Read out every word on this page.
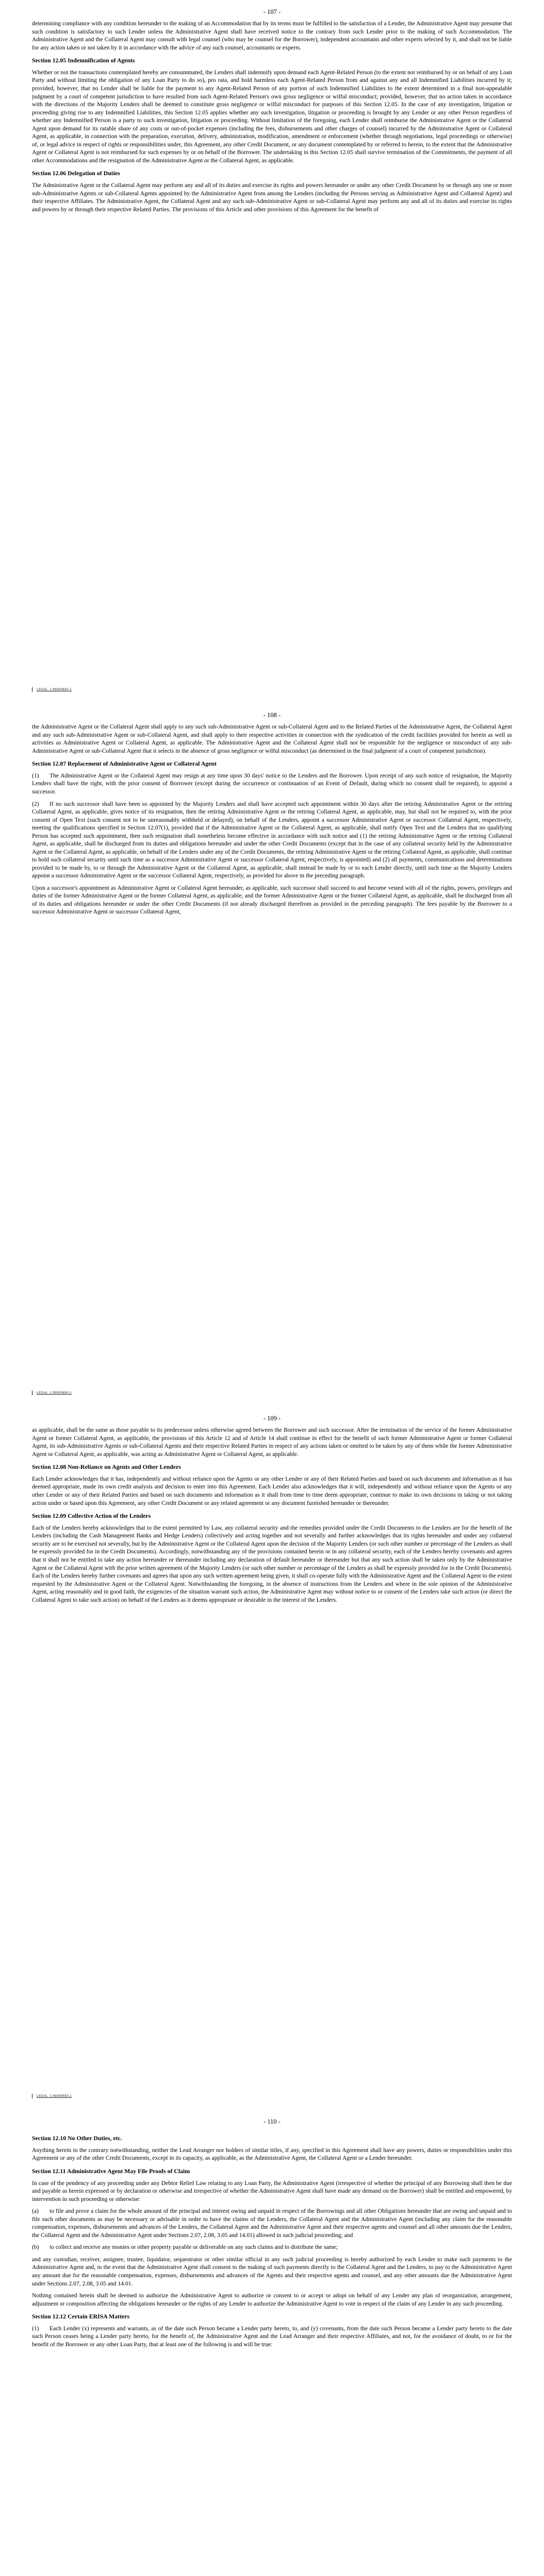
- 107 -

determining compliance with any condition hereunder to the making of an Accommodation that by its terms must be fulfilled to the satisfaction of a Lender, the Administrative Agent may presume that such condition is satisfactory to such Lender unless the Administrative Agent shall have received notice to the contrary from such Lender prior to the making of such Accommodation. The Administrative Agent and the Collateral Agent may consult with legal counsel (who may be counsel for the Borrower), independent accountants and other experts selected by it, and shall not be liable for any action taken or not taken by it in accordance with the advice of any such counsel, accountants or experts.

Section 12.05 Indemnification of Agents

Whether or not the transactions contemplated hereby are consummated, the Lenders shall indemnify upon demand each Agent-Related Person (to the extent not reimbursed by or on behalf of any Loan Party and without limiting the obligation of any Loan Party to do so), pro rata, and hold harmless each Agent-Related Person from and against any and all Indemnified Liabilities incurred by it; provided, however, that no Lender shall be liable for the payment to any Agent-Related Person of any portion of such Indemnified Liabilities to the extent determined in a final non-appealable judgment by a court of competent jurisdiction to have resulted from such Agent-Related Person's own gross negligence or wilful misconduct; provided, however, that no action taken in accordance with the directions of the Majority Lenders shall be deemed to constitute gross negligence or wilful misconduct for purposes of this Section 12.05. In the case of any investigation, litigation or proceeding giving rise to any Indemnified Liabilities, this Section 12.05 applies whether any such investigation, litigation or proceeding is brought by any Lender or any other Person regardless of whether any Indemnified Person is a party to such investigation, litigation or proceeding. Without limitation of the foregoing, each Lender shall reimburse the Administrative Agent or the Collateral Agent upon demand for its ratable share of any costs or out-of-pocket expenses (including the fees, disbursements and other charges of counsel) incurred by the Administrative Agent or Collateral Agent, as applicable, in connection with the preparation, execution, delivery, administration, modification, amendment or enforcement (whether through negotiations, legal proceedings or otherwise) of, or legal advice in respect of rights or responsibilities under, this Agreement, any other Credit Document, or any document contemplated by or referred to herein, to the extent that the Administrative Agent or Collateral Agent is not reimbursed for such expenses by or on behalf of the Borrower. The undertaking in this Section 12.05 shall survive termination of the Commitments, the payment of all other Accommodations and the resignation of the Administrative Agent or the Collateral Agent, as applicable.

Section 12.06 Delegation of Duties

The Administrative Agent or the Collateral Agent may perform any and all of its duties and exercise its rights and powers hereunder or under any other Credit Document by or through any one or more sub-Administrative Agents or sub-Collateral Agents appointed by the Administrative Agent from among the Lenders (including the Persons serving as Administrative Agent and Collateral Agent) and their respective Affiliates. The Administrative Agent, the Collateral Agent and any such sub-Administrative Agent or sub-Collateral Agent may perform any and all of its duties and exercise its rights and powers by or through their respective Related Parties. The provisions of this Article and other provisions of this Agreement for the benefit of

LEGAL_1:99300650.1
- 108 -

the Administrative Agent or the Collateral Agent shall apply to any such sub-Administrative Agent or sub-Collateral Agent and to the Related Parties of the Administrative Agent, the Collateral Agent and any such sub-Administrative Agent or sub-Collateral Agent, and shall apply to their respective activities in connection with the syndication of the credit facilities provided for herein as well as activities as Administrative Agent or Collateral Agent, as applicable. The Administrative Agent and the Collateral Agent shall not be responsible for the negligence or misconduct of any sub-Administrative Agent or sub-Collateral Agent that it selects in the absence of gross negligence or wilful misconduct (as determined in the final judgment of a court of competent jurisdiction).

Section 12.07 Replacement of Administrative Agent or Collateral Agent

(1) The Administrative Agent or the Collateral Agent may resign at any time upon 30 days' notice to the Lenders and the Borrower. Upon receipt of any such notice of resignation, the Majority Lenders shall have the right, with the prior consent of Borrower (except during the occurrence or continuation of an Event of Default, during which no consent shall be required), to appoint a successor.

(2) If no such successor shall have been so appointed by the Majority Lenders and shall have accepted such appointment within 30 days after the retiring Administrative Agent or the retiring Collateral Agent, as applicable, gives notice of its resignation, then the retiring Administrative Agent or the retiring Collateral Agent, as applicable, may, but shall not be required to, with the prior consent of Open Text (such consent not to be unreasonably withheld or delayed), on behalf of the Lenders, appoint a successor Administrative Agent or successor Collateral Agent, respectively, meeting the qualifications specified in Section 12.07(1), provided that if the Administrative Agent or the Collateral Agent, as applicable, shall notify Open Text and the Lenders that no qualifying Person has accepted such appointment, then such resignation shall nonetheless become effective in accordance with such notice and (1) the retiring Administrative Agent or the retiring Collateral Agent, as applicable, shall be discharged from its duties and obligations hereunder and under the other Credit Documents (except that in the case of any collateral security held by the Administrative Agent or the Collateral Agent, as applicable, on behalf of the Lenders under any of the Credit Documents, the retiring Administrative Agent or the retiring Collateral Agent, as applicable, shall continue to hold such collateral security until such time as a successor Administrative Agent or successor Collateral Agent, respectively, is appointed) and (2) all payments, communications and determinations provided to be made by, to or through the Administrative Agent or the Collateral Agent, as applicable, shall instead be made by or to each Lender directly, until such time as the Majority Lenders appoint a successor Administrative Agent or the successor Collateral Agent, respectively, as provided for above in the preceding paragraph.

Upon a successor's appointment as Administrative Agent or Collateral Agent hereunder, as applicable, such successor shall succeed to and become vested with all of the rights, powers, privileges and duties of the former Administrative Agent or the former Collateral Agent, as applicable, and the former Administrative Agent or the former Collateral Agent, as applicable, shall be discharged from all of its duties and obligations hereunder or under the other Credit Documents (if not already discharged therefrom as provided in the preceding paragraph). The fees payable by the Borrower to a successor Administrative Agent or successor Collateral Agent,

LEGAL_1:99300650.1
- 109 -

as applicable, shall be the same as those payable to its predecessor unless otherwise agreed between the Borrower and such successor. After the termination of the service of the former Administrative Agent or former Collateral Agent, as applicable, the provisions of this Article 12 and of Article 14 shall continue in effect for the benefit of such former Administrative Agent or former Collateral Agent, its sub-Administrative Agents or sub-Collateral Agents and their respective Related Parties in respect of any actions taken or omitted to be taken by any of them while the former Administrative Agent or Collateral Agent, as applicable, was acting as Administrative Agent or Collateral Agent, as applicable.

Section 12.08 Non-Reliance on Agents and Other Lenders

Each Lender acknowledges that it has, independently and without reliance upon the Agents or any other Lender or any of their Related Parties and based on such documents and information as it has deemed appropriate, made its own credit analysis and decision to enter into this Agreement. Each Lender also acknowledges that it will, independently and without reliance upon the Agents or any other Lender or any of their Related Parties and based on such documents and information as it shall from time to time deem appropriate, continue to make its own decisions in taking or not taking action under or based upon this Agreement, any other Credit Document or any related agreement or any document furnished hereunder or thereunder.

Section 12.09 Collective Action of the Lenders

Each of the Lenders hereby acknowledges that to the extent permitted by Law, any collateral security and the remedies provided under the Credit Documents to the Lenders are for the benefit of the Lenders (including the Cash Management Banks and Hedge Lenders) collectively and acting together and not severally and further acknowledges that its rights hereunder and under any collateral security are to be exercised not severally, but by the Administrative Agent or the Collateral Agent upon the decision of the Majority Lenders (or such other number or percentage of the Lenders as shall be expressly provided for in the Credit Documents). Accordingly, notwithstanding any of the provisions contained herein or in any collateral security, each of the Lenders hereby covenants and agrees that it shall not be entitled to take any action hereunder or thereunder including any declaration of default hereunder or thereunder but that any such action shall be taken only by the Administrative Agent or the Collateral Agent with the prior written agreement of the Majority Lenders (or such other number or percentage of the Lenders as shall be expressly provided for in the Credit Documents). Each of the Lenders hereby further covenants and agrees that upon any such written agreement being given, it shall co-operate fully with the Administrative Agent and the Collateral Agent to the extent requested by the Administrative Agent or the Collateral Agent. Notwithstanding the foregoing, in the absence of instructions from the Lenders and where in the sole opinion of the Administrative Agent, acting reasonably and in good faith, the exigencies of the situation warrant such action, the Administrative Agent may without notice to or consent of the Lenders take such action (or direct the Collateral Agent to take such action) on behalf of the Lenders as it deems appropriate or desirable in the interest of the Lenders.

LEGAL_1:99300650.1
- 110 -
Section 12.10 No Other Duties, etc.

Anything herein to the contrary notwithstanding, neither the Lead Arranger nor holders of similar titles, if any, specified in this Agreement shall have any powers, duties or responsibilities under this Agreement or any of the other Credit Documents, except in its capacity, as applicable, as the Administrative Agent, the Collateral Agent or a Lender hereunder.

Section 12.11 Administrative Agent May File Proofs of Claim

In case of the pendency of any proceeding under any Debtor Relief Law relating to any Loan Party, the Administrative Agent (irrespective of whether the principal of any Borrowing shall then be due and payable as herein expressed or by declaration or otherwise and irrespective of whether the Administrative Agent shall have made any demand on the Borrower) shall be entitled and empowered, by intervention in such proceeding or otherwise:

(a) to file and prove a claim for the whole amount of the principal and interest owing and unpaid in respect of the Borrowings and all other Obligations hereunder that are owing and unpaid and to file such other documents as may be necessary or advisable in order to have the claims of the Lenders, the Collateral Agent and the Administrative Agent (including any claim for the reasonable compensation, expenses, disbursements and advances of the Lenders, the Collateral Agent and the Administrative Agent and their respective agents and counsel and all other amounts due the Lenders, the Collateral Agent and the Administrative Agent under Sections 2.07, 2.08, 3.05 and 14.01) allowed in such judicial proceeding; and

(b) to collect and receive any monies or other property payable or deliverable on any such claims and to distribute the same;

and any custodian, receiver, assignee, trustee, liquidator, sequestrator or other similar official in any such judicial proceeding is hereby authorized by each Lender to make such payments to the Administrative Agent and, in the event that the Administrative Agent shall consent to the making of such payments directly to the Collateral Agent and the Lenders, to pay to the Administrative Agent any amount due for the reasonable compensation, expenses, disbursements and advances of the Agents and their respective agents and counsel, and any other amounts due the Administrative Agent under Sections 2.07, 2.08, 3.05 and 14.01.

Nothing contained herein shall be deemed to authorize the Administrative Agent to authorize or consent to or accept or adopt on behalf of any Lender any plan of reorganization, arrangement, adjustment or composition affecting the obligations hereunder or the rights of any Lender to authorize the Administrative Agent to vote in respect of the claim of any Lender in any such proceeding.

Section 12.12 Certain ERISA Matters

(1) Each Lender (x) represents and warrants, as of the date such Person became a Lender party hereto, to, and (y) covenants, from the date such Person became a Lender party hereto to the date such Person ceases being a Lender party hereto, for the benefit of, the Administrative Agent and the Lead Arranger and their respective Affiliates, and not, for the avoidance of doubt, to or for the benefit of the Borrower or any other Loan Party, that at least one of the following is and will be true:
